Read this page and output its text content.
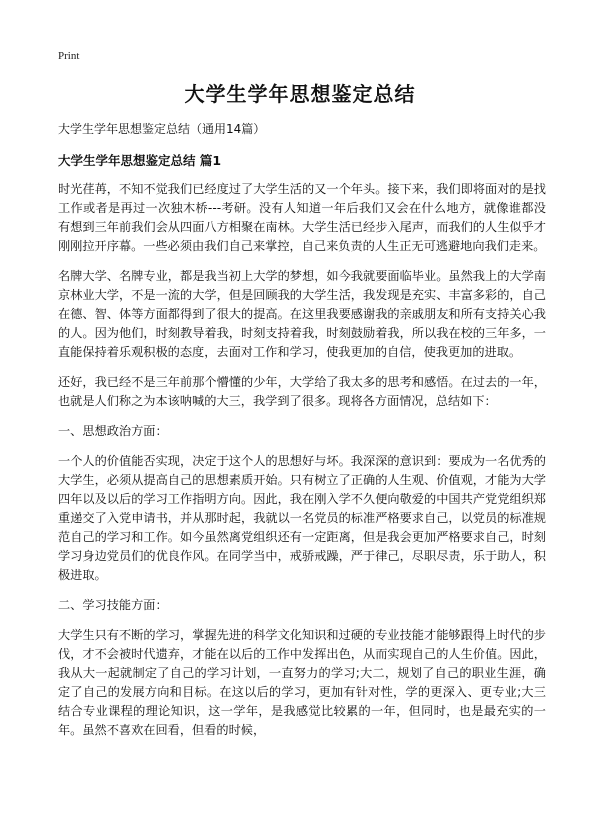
Print
大学生学年思想鉴定总结
大学生学年思想鉴定总结（通用14篇）
大学生学年思想鉴定总结 篇1

时光荏苒，不知不觉我们已经度过了大学生活的又一个年头。接下来，我们即将面对的是找工作或者是再过一次独木桥---考研。没有人知道一年后我们又会在什么地方，就像谁都没有想到三年前我们会从四面八方相聚在南林。大学生活已经步入尾声，而我们的人生似乎才刚刚拉开序幕。一些必须由我们自己来掌控，自己来负责的人生正无可逃避地向我们走来。

名牌大学、名牌专业，都是我当初上大学的梦想，如今我就要面临毕业。虽然我上的大学南京林业大学，不是一流的大学，但是回顾我的大学生活，我发现是充实、丰富多彩的，自己在德、智、体等方面都得到了很大的提高。在这里我要感谢我的亲戚朋友和所有支持关心我的人。因为他们，时刻教导着我，时刻支持着我，时刻鼓励着我，所以我在校的三年多，一直能保持着乐观积极的态度，去面对工作和学习，使我更加的自信，使我更加的进取。

还好，我已经不是三年前那个懵懂的少年，大学给了我太多的思考和感悟。在过去的一年，也就是人们称之为本该呐喊的大三，我学到了很多。现将各方面情况，总结如下：

一、思想政治方面：

一个人的价值能否实现，决定于这个人的思想好与坏。我深深的意识到：要成为一名优秀的大学生，必须从提高自己的思想素质开始。只有树立了正确的人生观、价值观，才能为大学四年以及以后的学习工作指明方向。因此，我在刚入学不久便向敬爱的中国共产党党组织郑重递交了入党申请书，并从那时起，我就以一名党员的标准严格要求自己，以党员的标准规范自己的学习和工作。如今虽然离党组织还有一定距离，但是我会更加严格要求自己，时刻学习身边党员们的优良作风。在同学当中，戒骄戒躁，严于律己，尽职尽责，乐于助人，积极进取。

二、学习技能方面：

大学生只有不断的学习，掌握先进的科学文化知识和过硬的专业技能才能够跟得上时代的步伐，才不会被时代遗弃，才能在以后的工作中发挥出色，从而实现自己的人生价值。因此，我从大一起就制定了自己的学习计划，一直努力的学习;大二，规划了自己的职业生涯，确定了自己的发展方向和目标。在这以后的学习，更加有针对性，学的更深入、更专业;大三结合专业课程的理论知识，这一学年，是我感觉比较累的一年，但同时，也是最充实的一年。虽然不喜欢在回看，但看的时候，
